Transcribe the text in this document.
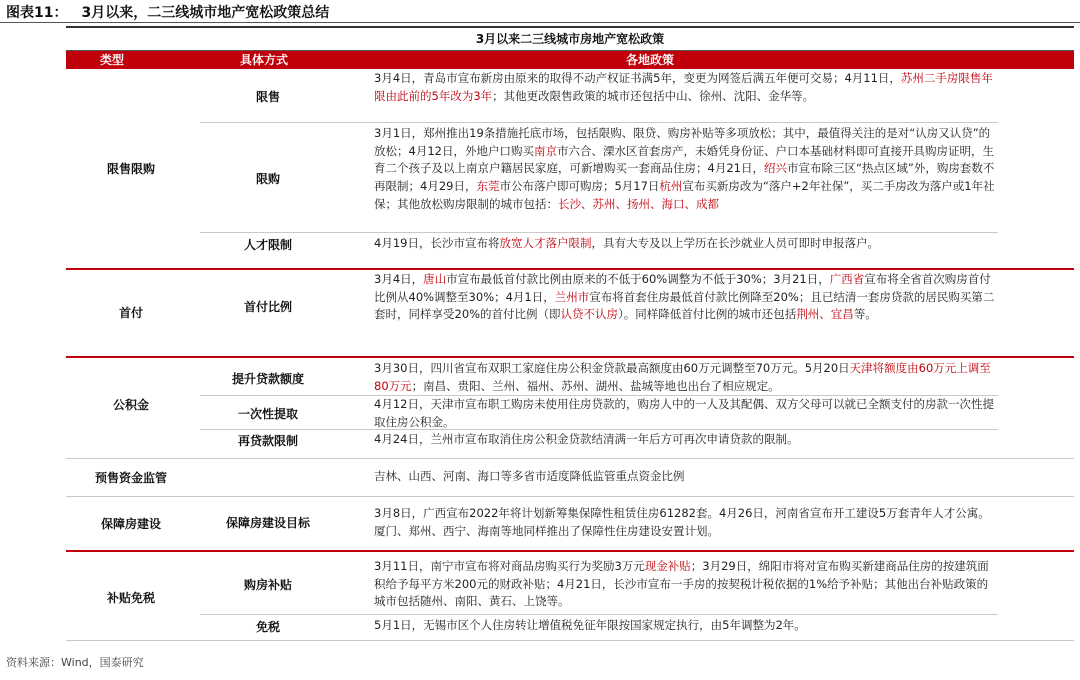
图表11： 3月以来，二三线城市地产宽松政策总结
3月以来二三线城市房地产宽松政策
类型	具体方式	各地政策
限售限购
首付
公积金
预售资金监管
保障房建设
补贴免税
限售
限购
人才限制
首付比例
提升贷款额度
一次性提取
再贷款限制
保障房建设目标
购房补贴
免税
3月4日，青岛市宣布新房由原来的取得不动产权证书满5年，变更为网签后满五年便可交易；4月11日，苏州二手房限售年限由此前的5年改为3年；其他更改限售政策的城市还包括中山、徐州、沈阳、金华等。
3月1日，郑州推出19条措施托底市场，包括限购、限贷、购房补贴等多项放松；其中，最值得关注的是对“认房又认贷”的放松；4月12日，外地户口购买南京市六合、溧水区首套房产，未婚凭身份证、户口本基础材料即可直接开具购房证明，生育二个孩子及以上南京户籍居民家庭，可新增购买一套商品住房；4月21日，绍兴市宣布除三区“热点区域”外，购房套数不再限制；4月29日，东莞市公布落户即可购房；5月17日杭州宣布买新房改为“落户+2年社保”，买二手房改为落户或1年社保；其他放松购房限制的城市包括：长沙、苏州、扬州、海口、成都
4月19日，长沙市宣布将放宽人才落户限制，具有大专及以上学历在长沙就业人员可即时申报落户。
3月4日，唐山市宣布最低首付款比例由原来的不低于60%调整为不低于30%；3月21日，广西省宣布将全省首次购房首付比例从40%调整至30%；4月1日，兰州市宣布将首套住房最低首付款比例降至20%；且已结清一套房贷款的居民购买第二套时，同样享受20%的首付比例（即认贷不认房）。同样降低首付比例的城市还包括荆州、宜昌等。
3月30日，四川省宣布双职工家庭住房公积金贷款最高额度由60万元调整至70万元。5月20日天津将额度由60万元上调至80万元；南昌、贵阳、兰州、福州、苏州、湖州、盐城等地也出台了相应规定。
4月12日，天津市宣布职工购房未使用住房贷款的，购房人中的一人及其配偶、双方父母可以就已全额支付的房款一次性提取住房公积金。
4月24日，兰州市宣布取消住房公积金贷款结清满一年后方可再次申请贷款的限制。
吉林、山西、河南、海口等多省市适度降低监管重点资金比例
3月8日，广西宣布2022年将计划新筹集保障性租赁住房61282套。4月26日，河南省宣布开工建设5万套青年人才公寓。厦门、郑州、西宁、海南等地同样推出了保障性住房建设安置计划。
3月11日，南宁市宣布将对商品房购买行为奖励3万元现金补贴；3月29日，绵阳市将对宣布购买新建商品住房的按建筑面积给予每平方米200元的财政补贴；4月21日，长沙市宣布一手房的按契税计税依据的1%给予补贴；其他出台补贴政策的城市包括随州、南阳、黄石、上饶等。
5月1日，无锡市区个人住房转让增值税免征年限按国家规定执行，由5年调整为2年。
资料来源：Wind，国泰研究
